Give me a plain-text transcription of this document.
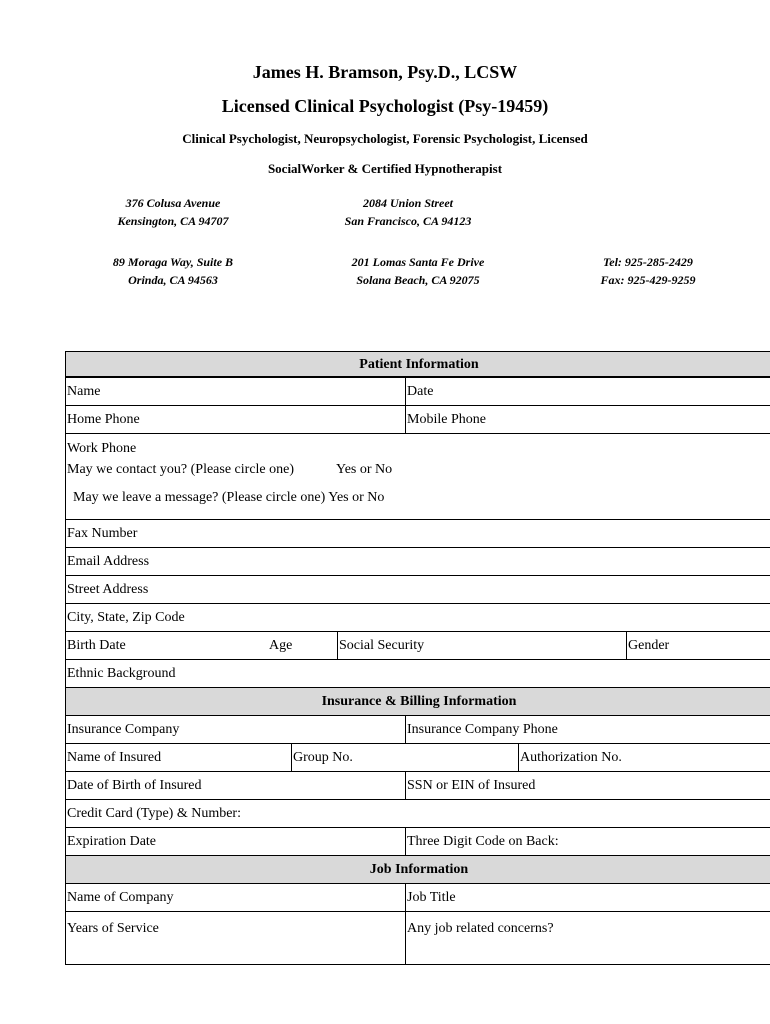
James H. Bramson, Psy.D., LCSW
Licensed Clinical Psychologist (Psy-19459)
Clinical Psychologist, Neuropsychologist, Forensic Psychologist, Licensed
SocialWorker & Certified Hypnotherapist
376 Colusa Avenue
Kensington, CA 94707
2084 Union Street
San Francisco, CA 94123
89 Moraga Way, Suite B
Orinda, CA 94563
201 Lomas Santa Fe Drive
Solana Beach, CA 92075
Tel: 925-285-2429
Fax: 925-429-9259
Patient Information
Name	Date
Home Phone	Mobile Phone
Work Phone
May we contact you? (Please circle one)	Yes or No
May we leave a message? (Please circle one) Yes or No
Fax Number
Email Address
Street Address
City, State, Zip Code
Birth Date	Age	Social Security	Gender
Ethnic Background
Insurance & Billing Information
Insurance Company	Insurance Company Phone
Name of Insured	Group No.	Authorization No.
Date of Birth of Insured	SSN or EIN of Insured
Credit Card (Type) & Number:
Expiration Date	Three Digit Code on Back:
Job Information
Name of Company	Job Title
Years of Service	Any job related concerns?
